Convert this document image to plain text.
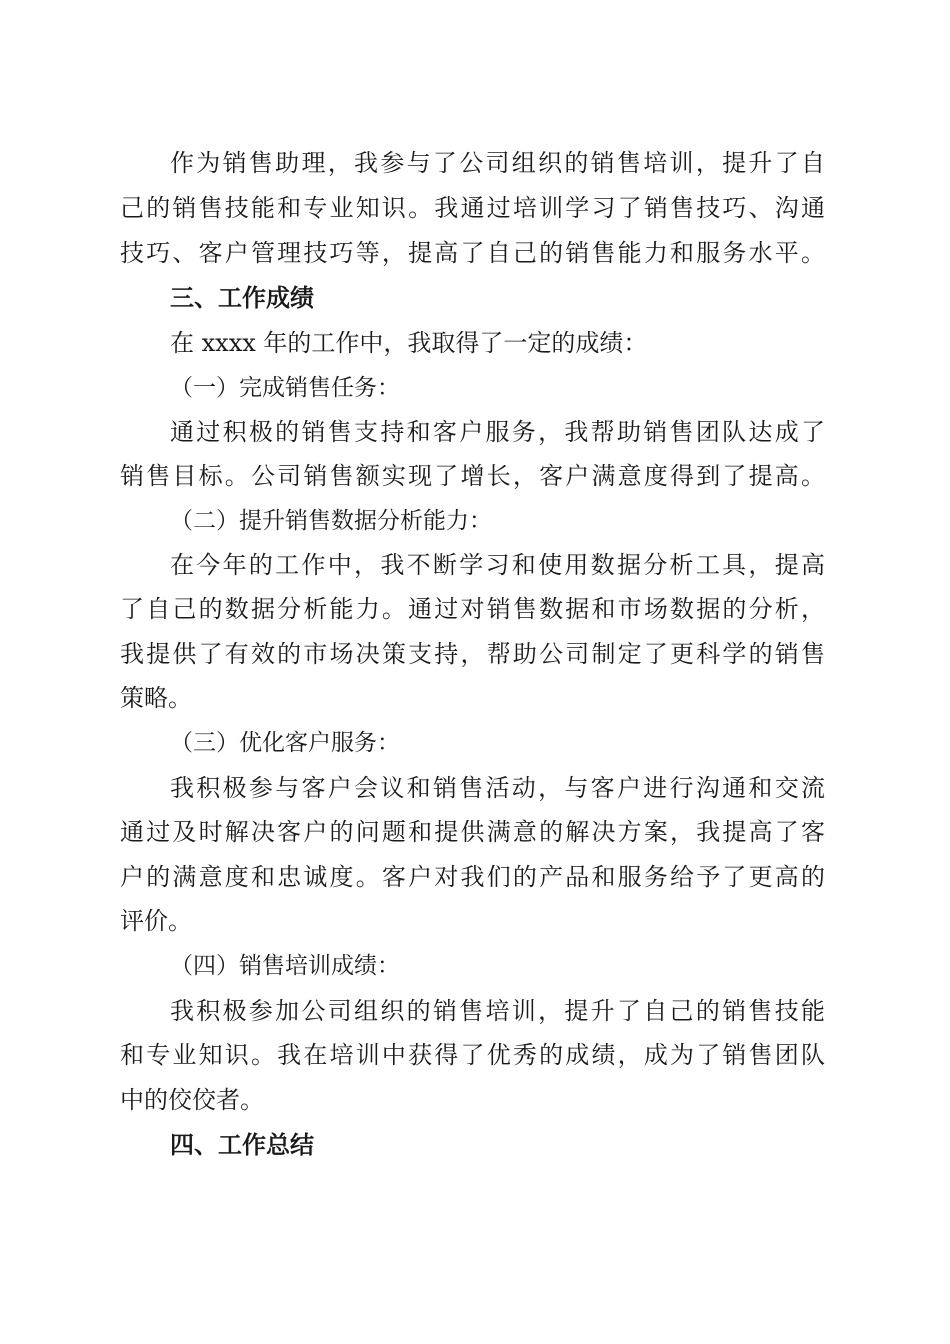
作为销售助理，我参与了公司组织的销售培训，提升了自
己的销售技能和专业知识。我通过培训学习了销售技巧、沟通
技巧、客户管理技巧等，提高了自己的销售能力和服务水平。
三、工作成绩
在 xxxx 年的工作中，我取得了一定的成绩：
（一）完成销售任务：
通过积极的销售支持和客户服务，我帮助销售团队达成了
销售目标。公司销售额实现了增长，客户满意度得到了提高。
（二）提升销售数据分析能力：
在今年的工作中，我不断学习和使用数据分析工具，提高
了自己的数据分析能力。通过对销售数据和市场数据的分析，
我提供了有效的市场决策支持，帮助公司制定了更科学的销售
策略。
（三）优化客户服务：
我积极参与客户会议和销售活动，与客户进行沟通和交流
通过及时解决客户的问题和提供满意的解决方案，我提高了客
户的满意度和忠诚度。客户对我们的产品和服务给予了更高的
评价。
（四）销售培训成绩：
我积极参加公司组织的销售培训，提升了自己的销售技能
和专业知识。我在培训中获得了优秀的成绩，成为了销售团队
中的佼佼者。
四、工作总结
